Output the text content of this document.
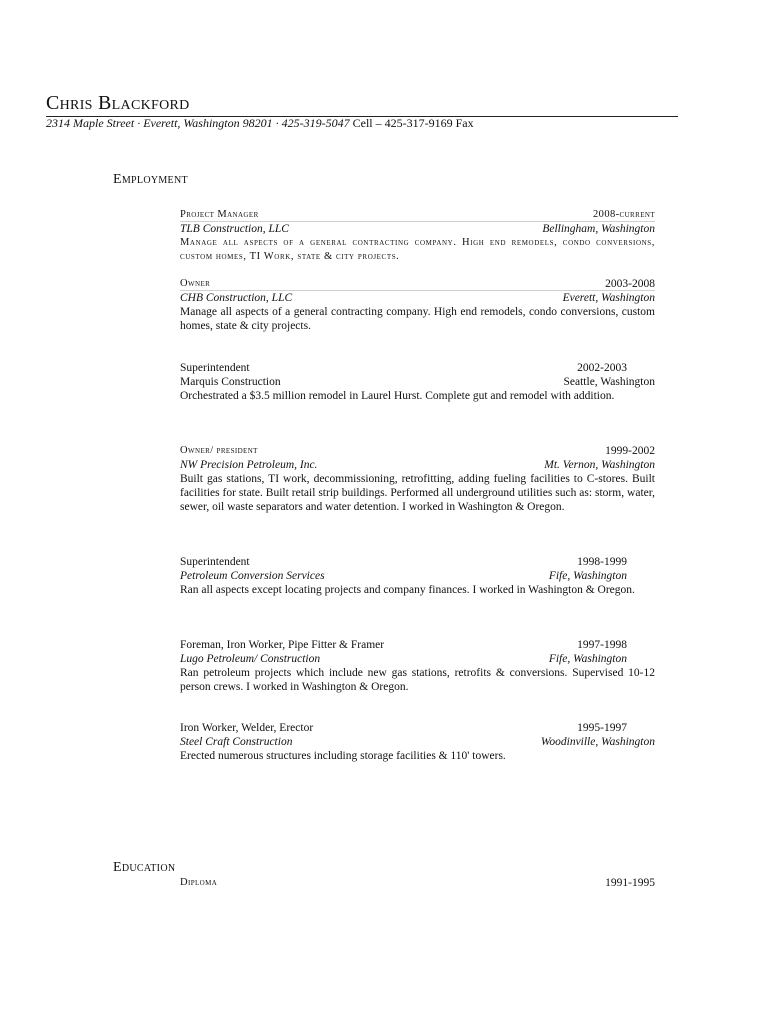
Chris Blackford
2314 Maple Street · Everett, Washington 98201 · 425-319-5047 Cell – 425-317-9169 Fax
Employment
Project Manager	2008-current
TLB Construction, LLC	Bellingham, Washington

Manage all aspects of a general contracting company. High end remodels, condo conversions, custom homes, TI Work, state & city projects.

Owner	2003-2008
CHB Construction, LLC	Everett, Washington

Manage all aspects of a general contracting company. High end remodels, condo conversions, custom homes, state & city projects.

Superintendent	2002-2003
Marquis Construction	Seattle, Washington

Orchestrated a $3.5 million remodel in Laurel Hurst. Complete gut and remodel with addition.

Owner/ president	1999-2002
NW Precision Petroleum, Inc.	Mt. Vernon, Washington

Built gas stations, TI work, decommissioning, retrofitting, adding fueling facilities to C-stores. Built facilities for state. Built retail strip buildings. Performed all underground utilities such as: storm, water, sewer, oil waste separators and water detention. I worked in Washington & Oregon.

Superintendent	1998-1999
Petroleum Conversion Services	Fife, Washington

Ran all aspects except locating projects and company finances. I worked in Washington & Oregon.

Foreman, Iron Worker, Pipe Fitter & Framer	1997-1998
Lugo Petroleum/ Construction	Fife, Washington

Ran petroleum projects which include new gas stations, retrofits & conversions. Supervised 10-12 person crews. I worked in Washington & Oregon.

Iron Worker, Welder, Erector	1995-1997
Steel Craft Construction	Woodinville, Washington

Erected numerous structures including storage facilities & 110' towers.

Education
Diploma	1991-1995
